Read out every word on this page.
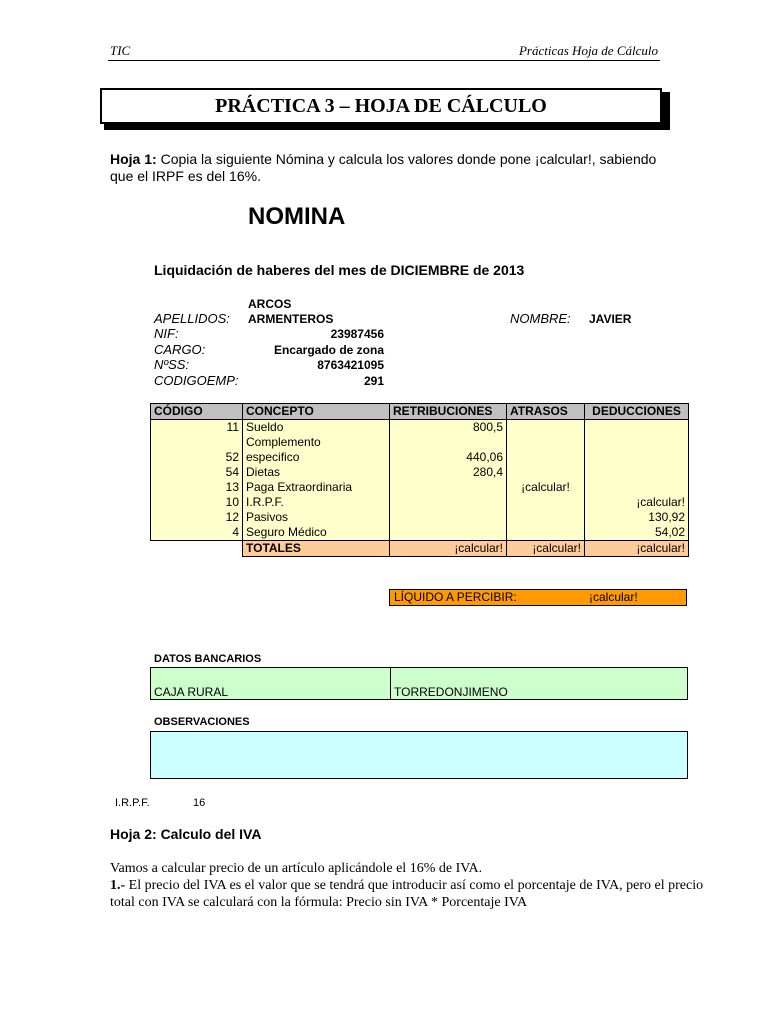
TIC	Prácticas Hoja de Cálculo
PRÁCTICA 3 – HOJA DE CÁLCULO
Hoja 1: Copia la siguiente Nómina y calcula los valores donde pone ¡calcular!, sabiendo que el IRPF es del 16%.
NOMINA
Liquidación de haberes del mes de DICIEMBRE de 2013
ARCOS
APELLIDOS: ARMENTEROS	NOMBRE: JAVIER
NIF:	23987456
CARGO:	Encargado de zona
NºSS:	8763421095
CODIGOEMP:	291
CÓDIGO	CONCEPTO	RETRIBUCIONES	ATRASOS	DEDUCCIONES
11	Sueldo	800,5		
	Complemento			
52	especifico	440,06		
54	Dietas	280,4		
13	Paga Extraordinaria		¡calcular!	
10	I.R.P.F.			¡calcular!
12	Pasivos			130,92
4	Seguro Médico			54,02
	TOTALES	¡calcular!	¡calcular!	¡calcular!
LÍQUIDO A PERCIBIR:	¡calcular!
DATOS BANCARIOS
CAJA RURAL	TORREDONJIMENO
OBSERVACIONES
I.R.P.F.	16
Hoja 2: Calculo del IVA
Vamos a calcular precio de un artículo aplicándole el 16% de IVA.
1.- El precio del IVA es el valor que se tendrá que introducir así como el porcentaje de IVA, pero el precio total con IVA se calculará con la fórmula: Precio sin IVA * Porcentaje IVA
